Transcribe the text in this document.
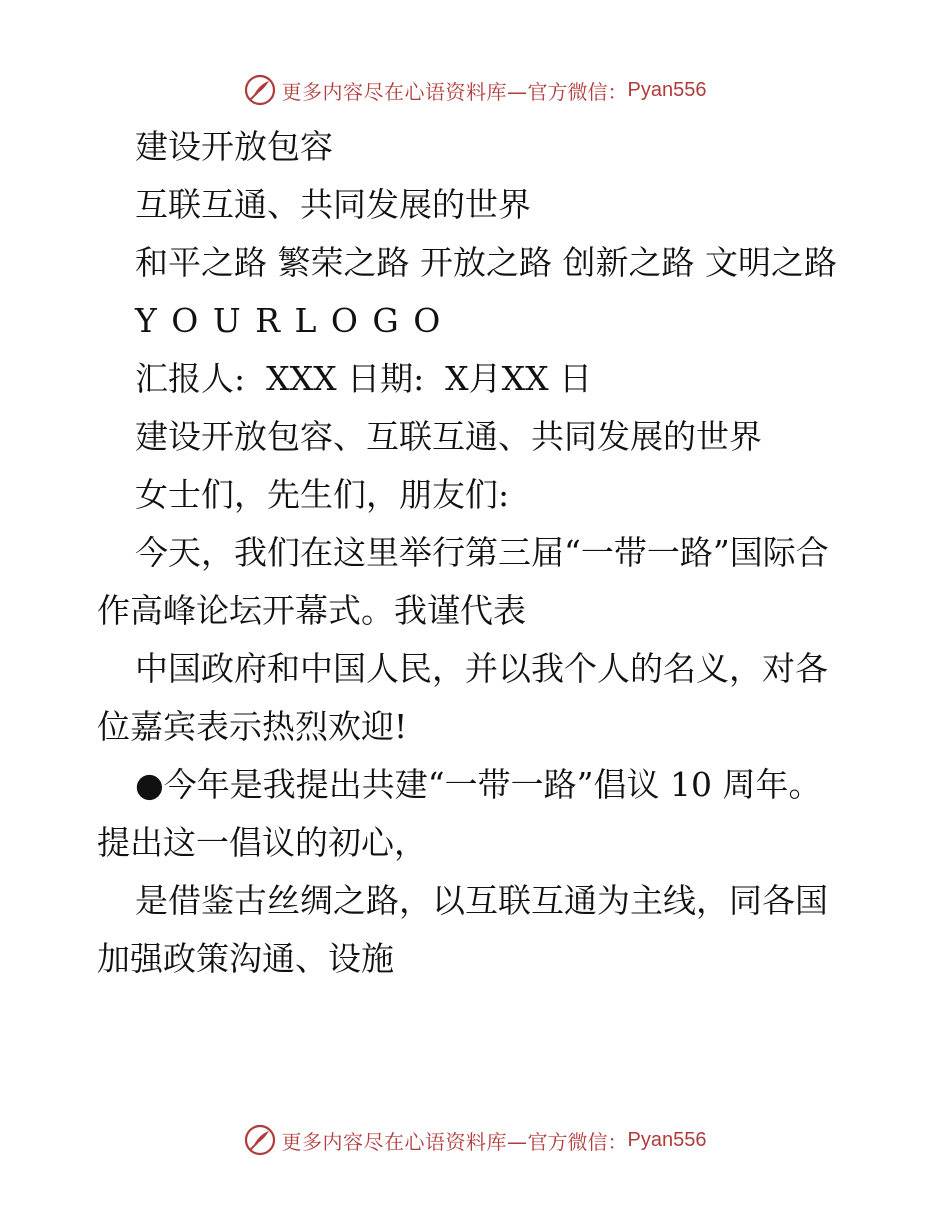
更多内容尽在心语资料库— 官方微信： Pyan556

建设开放包容

互联互通、共同发展的世界

和平之路 繁荣之路 开放之路 创新之路 文明之路

Y O U R L O G O

汇报人:  XXX 日期:  X月XX 日

建设开放包容、互联互通、共同发展的世界

女士们，先生们，朋友们:

今天，我们在这里举行第三届“一带一路”国际合作高峰论坛开幕式。我谨代表

中国政府和中国人民，并以我个人的名义，对各位嘉宾表示热烈欢迎!

●今年是我提出共建“一带一路”倡议 10 周年。提出这一倡议的初心，

是借鉴古丝绸之路，以互联互通为主线，同各国加强政策沟通、设施

更多内容尽在心语资料库— 官方微信： Pyan556
